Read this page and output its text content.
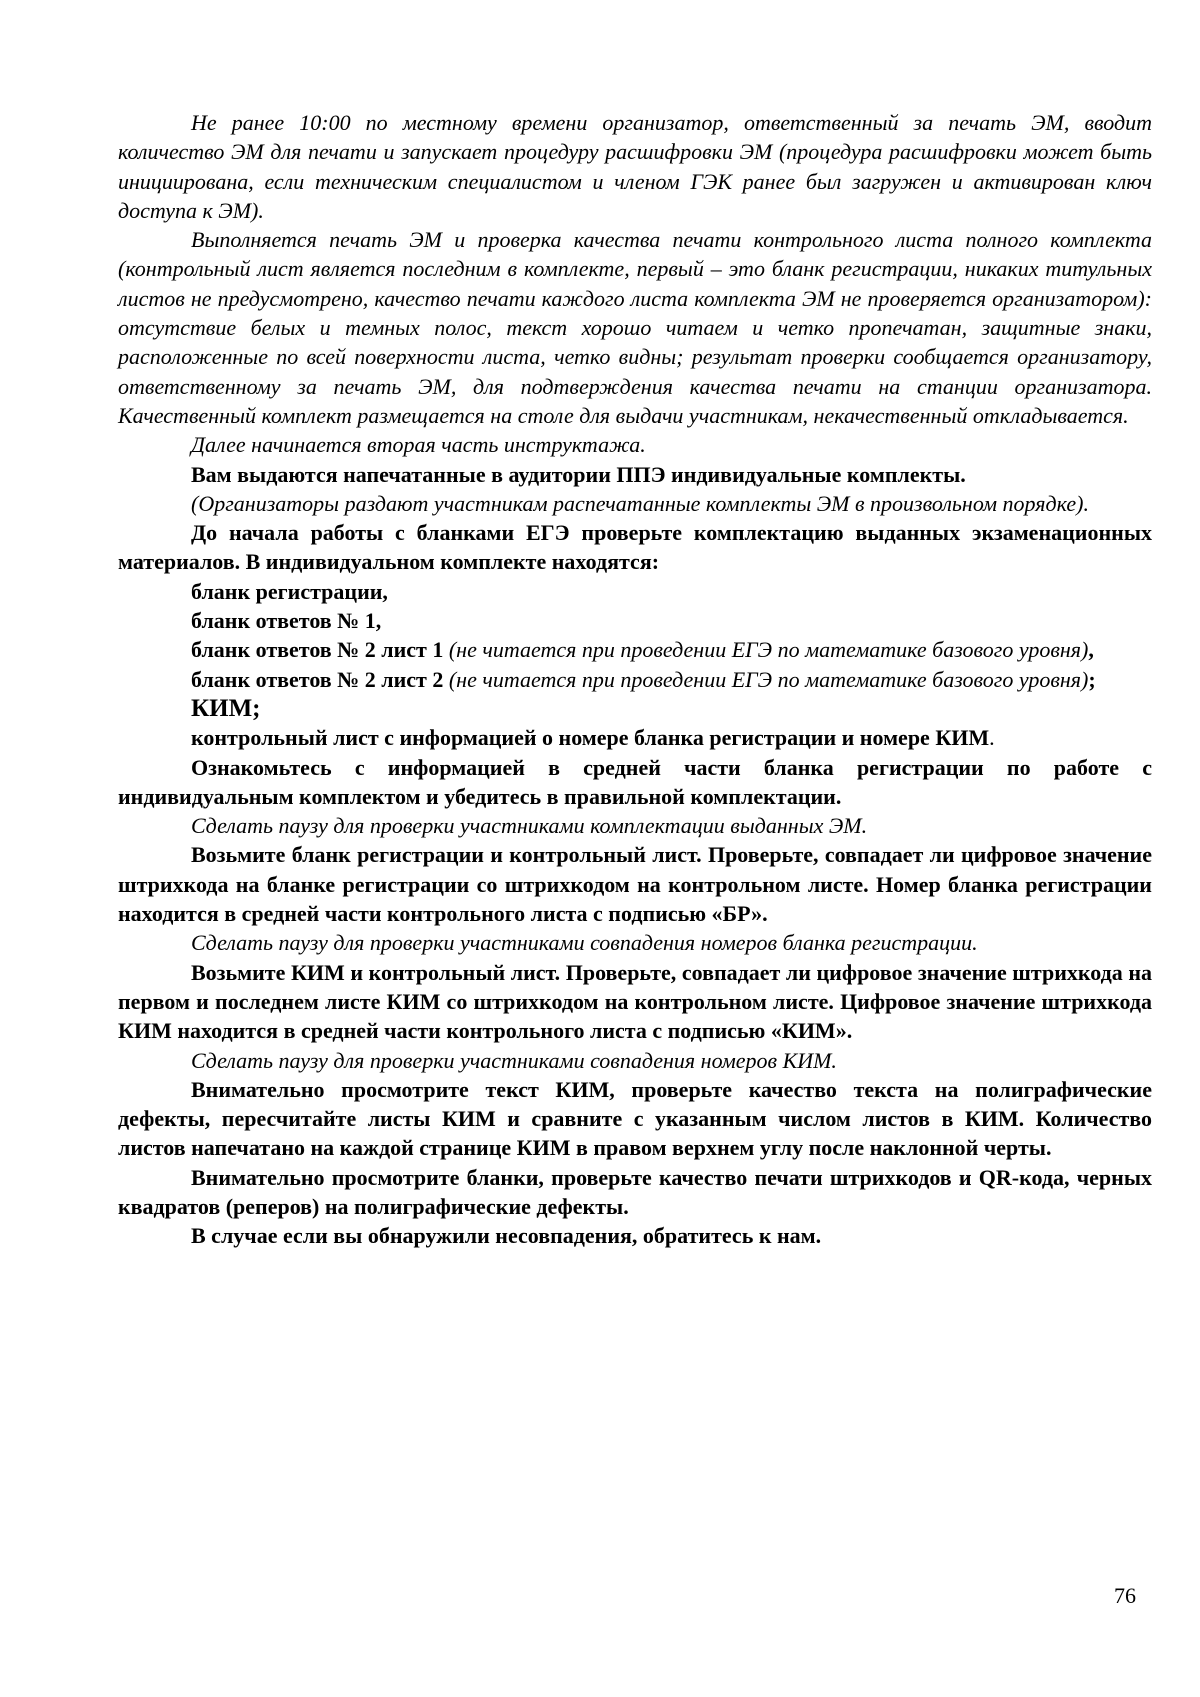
Не ранее 10:00 по местному времени организатор, ответственный за печать ЭМ, вводит количество ЭМ для печати и запускает процедуру расшифровки ЭМ (процедура расшифровки может быть инициирована, если техническим специалистом и членом ГЭК ранее был загружен и активирован ключ доступа к ЭМ).

Выполняется печать ЭМ и проверка качества печати контрольного листа полного комплекта (контрольный лист является последним в комплекте, первый – это бланк регистрации, никаких титульных листов не предусмотрено, качество печати каждого листа комплекта ЭМ не проверяется организатором): отсутствие белых и темных полос, текст хорошо читаем и четко пропечатан, защитные знаки, расположенные по всей поверхности листа, четко видны; результат проверки сообщается организатору, ответственному за печать ЭМ, для подтверждения качества печати на станции организатора. Качественный комплект размещается на столе для выдачи участникам, некачественный откладывается.

Далее начинается вторая часть инструктажа.

Вам выдаются напечатанные в аудитории ППЭ индивидуальные комплекты.

(Организаторы раздают участникам распечатанные комплекты ЭМ в произвольном порядке).

До начала работы с бланками ЕГЭ проверьте комплектацию выданных экзаменационных материалов. В индивидуальном комплекте находятся:

бланк регистрации,

бланк ответов № 1,

бланк ответов № 2 лист 1 (не читается при проведении ЕГЭ по математике базового уровня),

бланк ответов № 2 лист 2 (не читается при проведении ЕГЭ по математике базового уровня);

КИМ;

контрольный лист с информацией о номере бланка регистрации и номере КИМ.

Ознакомьтесь с информацией в средней части бланка регистрации по работе с индивидуальным комплектом и убедитесь в правильной комплектации.

Сделать паузу для проверки участниками комплектации выданных ЭМ.

Возьмите бланк регистрации и контрольный лист. Проверьте, совпадает ли цифровое значение штрихкода на бланке регистрации со штрихкодом на контрольном листе. Номер бланка регистрации находится в средней части контрольного листа с подписью «БР».

Сделать паузу для проверки участниками совпадения номеров бланка регистрации.

Возьмите КИМ и контрольный лист. Проверьте, совпадает ли цифровое значение штрихкода на первом и последнем листе КИМ со штрихкодом на контрольном листе. Цифровое значение штрихкода КИМ находится в средней части контрольного листа с подписью «КИМ».

Сделать паузу для проверки участниками совпадения номеров КИМ.

Внимательно просмотрите текст КИМ, проверьте качество текста на полиграфические дефекты, пересчитайте листы КИМ и сравните с указанным числом листов в КИМ. Количество листов напечатано на каждой странице КИМ в правом верхнем углу после наклонной черты.

Внимательно просмотрите бланки, проверьте качество печати штрихкодов и QR-кода, черных квадратов (реперов) на полиграфические дефекты.

В случае если вы обнаружили несовпадения, обратитесь к нам.

76
